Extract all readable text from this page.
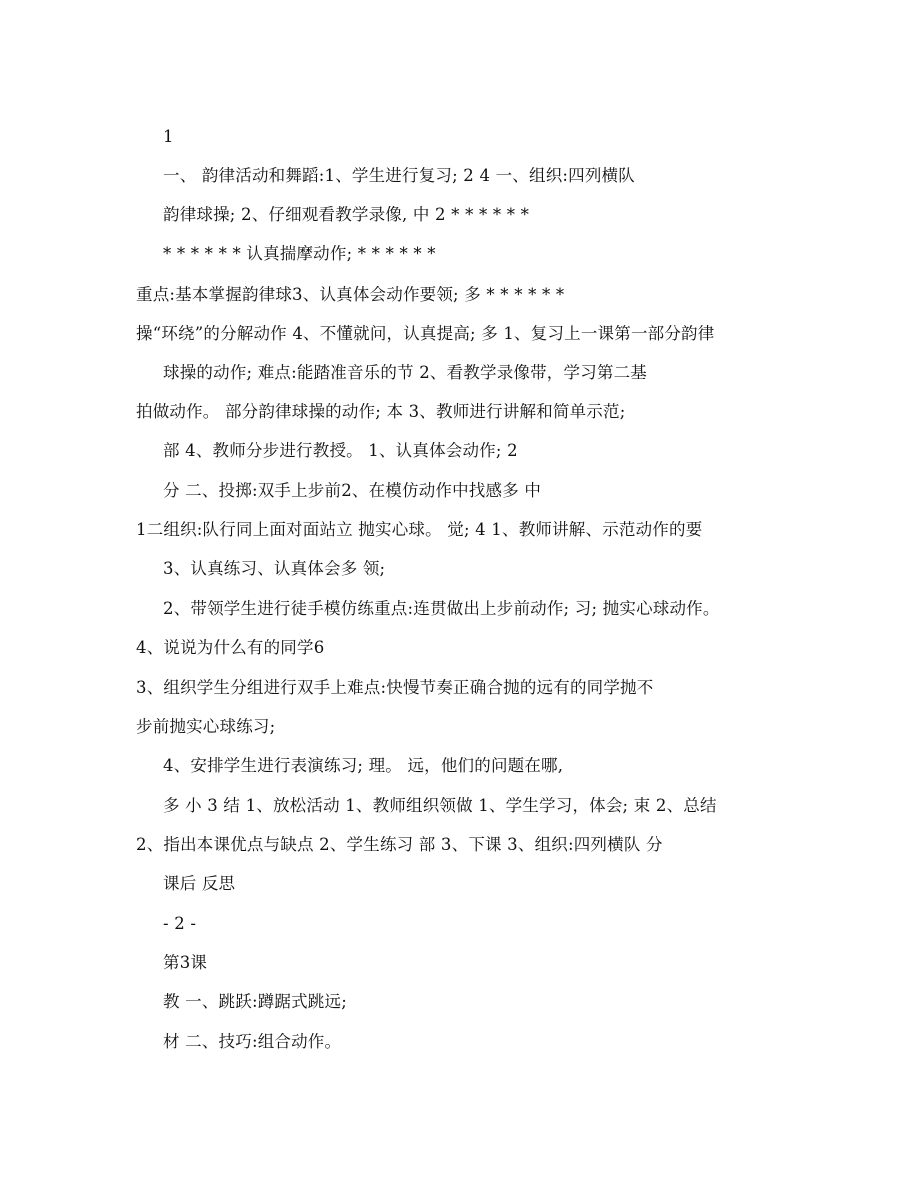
1
一、 韵律活动和舞蹈:1、学生进行复习; 2 4 一、组织:四列横队
韵律球操; 2、仔细观看教学录像, 中 2 * * * * * *
* * * * * * 认真揣摩动作; * * * * * *
重点:基本掌握韵律球3、认真体会动作要领; 多 * * * * * *
操“环绕”的分解动作 4、不懂就问，认真提高; 多 1、复习上一课第一部分韵律
球操的动作; 难点:能踏准音乐的节 2、看教学录像带，学习第二基
拍做动作。 部分韵律球操的动作; 本 3、教师进行讲解和简单示范;
部 4、教师分步进行教授。 1、认真体会动作; 2
分 二、投掷:双手上步前2、在模仿动作中找感多 中
1二组织:队行同上面对面站立 抛实心球。 觉; 4 1、教师讲解、示范动作的要
3、认真练习、认真体会多 领;
2、带领学生进行徒手模仿练重点:连贯做出上步前动作; 习; 抛实心球动作。
4、说说为什么有的同学6
3、组织学生分组进行双手上难点:快慢节奏正确合抛的远有的同学抛不
步前抛实心球练习;
4、安排学生进行表演练习; 理。 远，他们的问题在哪,
多 小 3 结 1、放松活动 1、教师组织领做 1、学生学习，体会; 束 2、总结
2、指出本课优点与缺点 2、学生练习 部 3、下课 3、组织:四列横队 分
课后 反思
- 2 -
第3课
教 一、跳跃:蹲踞式跳远;
材 二、技巧:组合动作。
